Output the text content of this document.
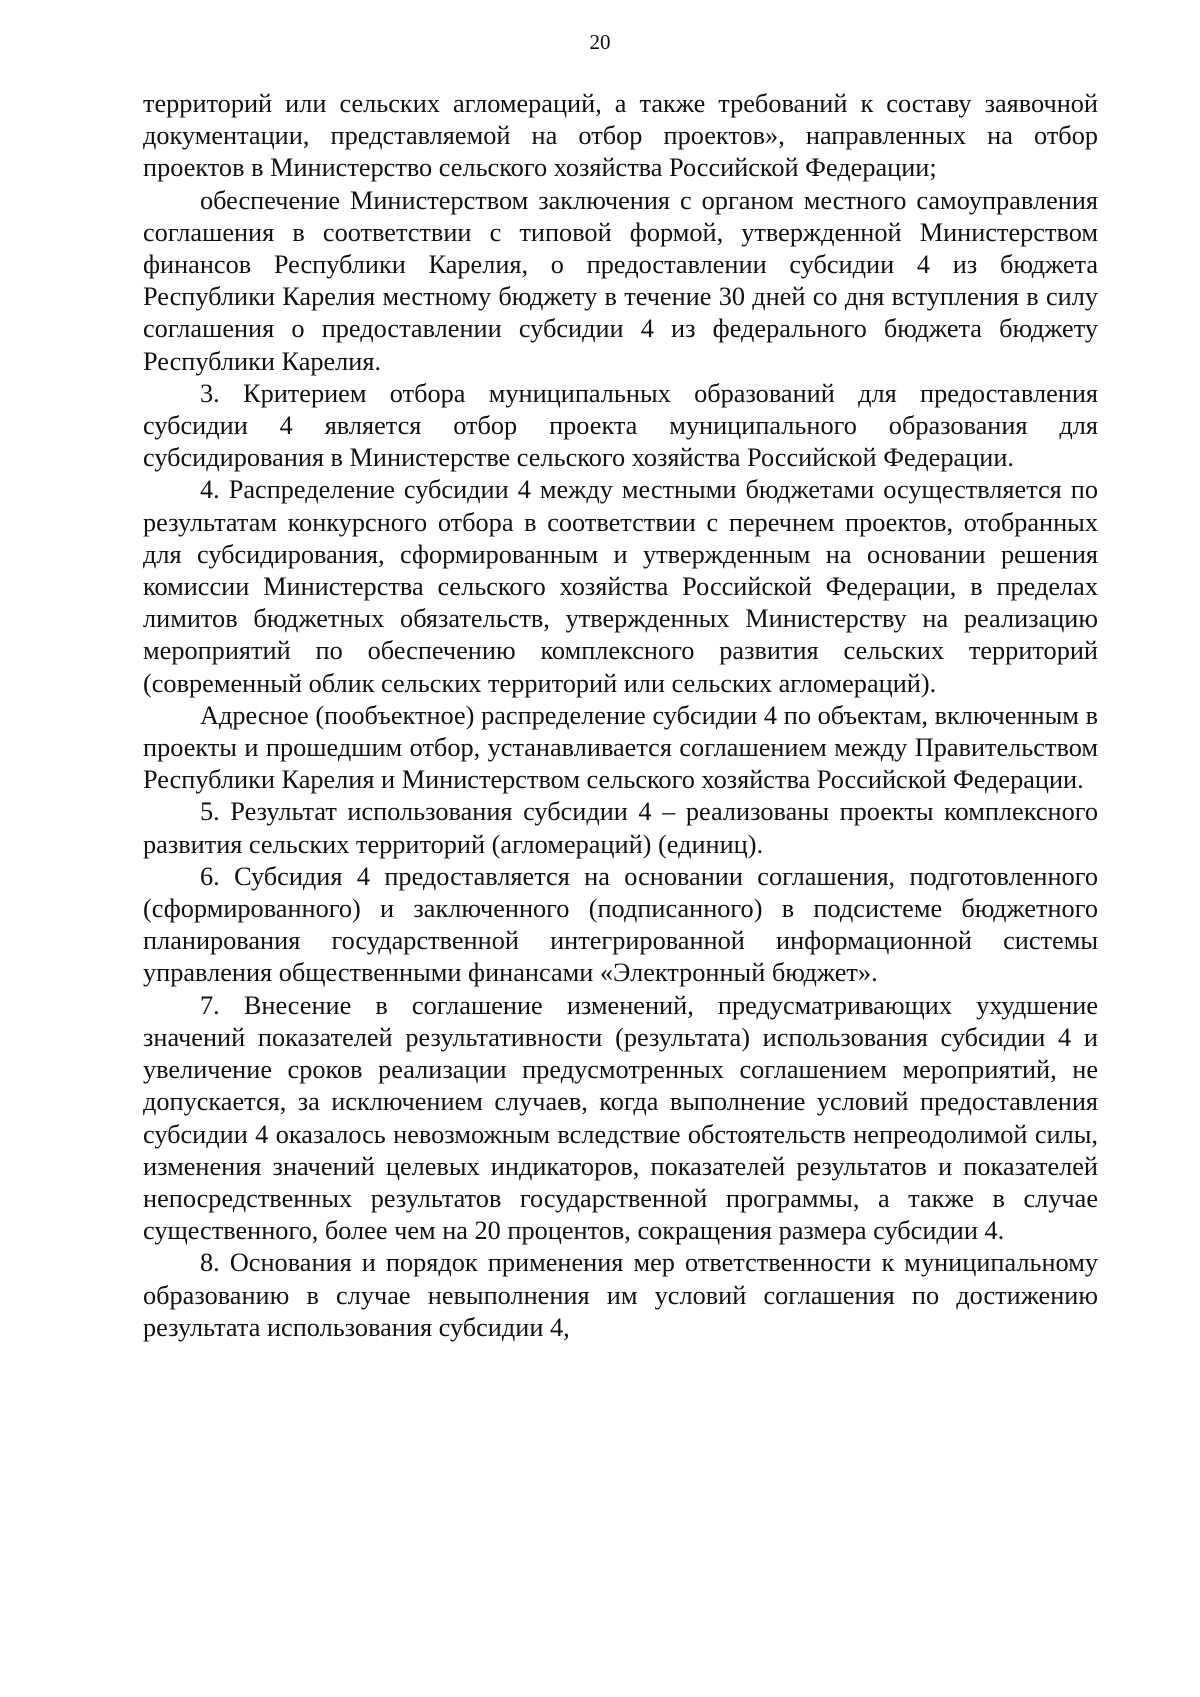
20

территорий или сельских агломераций, а также требований к составу заявочной документации, представляемой на отбор проектов», направленных на отбор проектов в Министерство сельского хозяйства Российской Федерации;

обеспечение Министерством заключения с органом местного самоуправления соглашения в соответствии с типовой формой, утвержденной Министерством финансов Республики Карелия, о предоставлении субсидии 4 из бюджета Республики Карелия местному бюджету в течение 30 дней со дня вступления в силу соглашения о предоставлении субсидии 4 из федерального бюджета бюджету Республики Карелия.

3. Критерием отбора муниципальных образований для предоставления субсидии 4 является отбор проекта муниципального образования для субсидирования в Министерстве сельского хозяйства Российской Федерации.

4. Распределение субсидии 4 между местными бюджетами осуществляется по результатам конкурсного отбора в соответствии с перечнем проектов, отобранных для субсидирования, сформированным и утвержденным на основании решения комиссии Министерства сельского хозяйства Российской Федерации, в пределах лимитов бюджетных обязательств, утвержденных Министерству на реализацию мероприятий по обеспечению комплексного развития сельских территорий (современный облик сельских территорий или сельских агломераций).

Адресное (пообъектное) распределение субсидии 4 по объектам, включенным в проекты и прошедшим отбор, устанавливается соглашением между Правительством Республики Карелия и Министерством сельского хозяйства Российской Федерации.

5. Результат использования субсидии 4 – реализованы проекты комплексного развития сельских территорий (агломераций) (единиц).

6. Субсидия 4 предоставляется на основании соглашения, подготовленного (сформированного) и заключенного (подписанного) в подсистеме бюджетного планирования государственной интегрированной информационной системы управления общественными финансами «Электронный бюджет».

7. Внесение в соглашение изменений, предусматривающих ухудшение значений показателей результативности (результата) использования субсидии 4 и увеличение сроков реализации предусмотренных соглашением мероприятий, не допускается, за исключением случаев, когда выполнение условий предоставления субсидии 4 оказалось невозможным вследствие обстоятельств непреодолимой силы, изменения значений целевых индикаторов, показателей результатов и показателей непосредственных результатов государственной программы, а также в случае существенного, более чем на 20 процентов, сокращения размера субсидии 4.

8. Основания и порядок применения мер ответственности к муниципальному образованию в случае невыполнения им условий соглашения по достижению результата использования субсидии 4,
